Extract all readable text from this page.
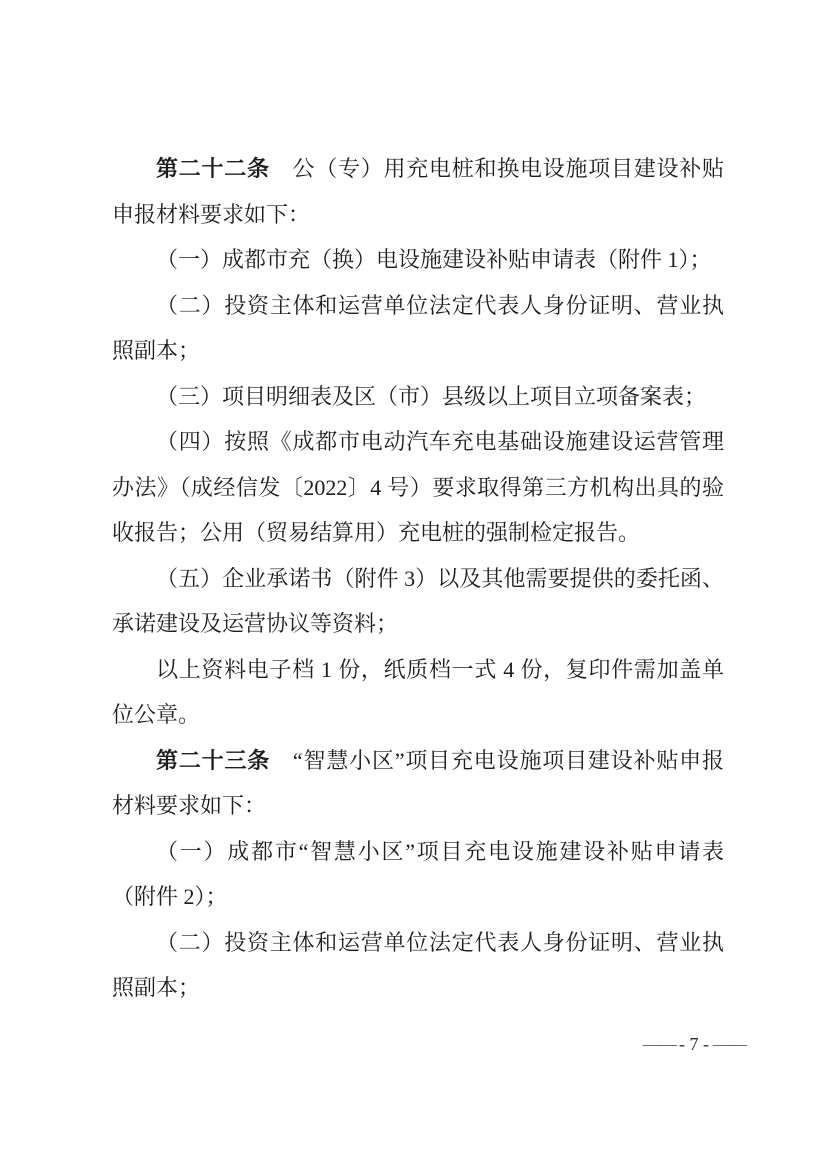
第二十二条　公（专）用充电桩和换电设施项目建设补贴申报材料要求如下：

（一）成都市充（换）电设施建设补贴申请表（附件 1）；

（二）投资主体和运营单位法定代表人身份证明、营业执照副本；

（三）项目明细表及区（市）县级以上项目立项备案表；

（四）按照《成都市电动汽车充电基础设施建设运营管理办法》（成经信发〔2022〕4 号）要求取得第三方机构出具的验收报告；公用（贸易结算用）充电桩的强制检定报告。

（五）企业承诺书（附件 3）以及其他需要提供的委托函、承诺建设及运营协议等资料；

以上资料电子档 1 份，纸质档一式 4 份，复印件需加盖单位公章。

第二十三条　“智慧小区”项目充电设施项目建设补贴申报材料要求如下：

（一）成都市“智慧小区”项目充电设施建设补贴申请表（附件 2）；

（二）投资主体和运营单位法定代表人身份证明、营业执照副本；

—— - 7 - ——
